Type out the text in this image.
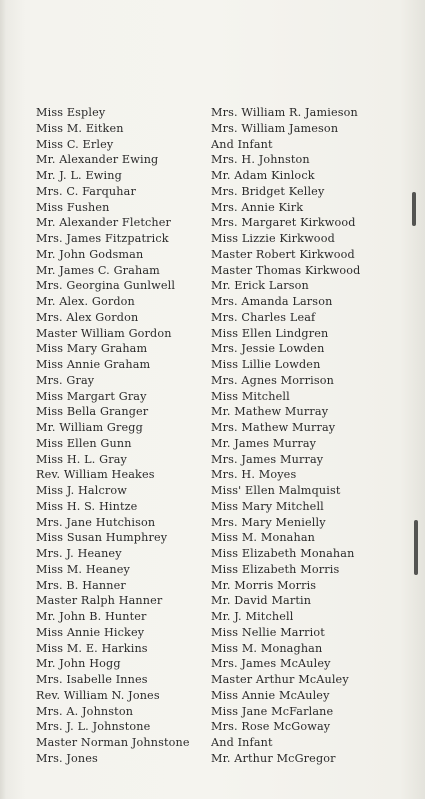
Miss Espley
Miss M. Eitken
Miss C. Erley
Mr. Alexander Ewing
Mr. J. L. Ewing
Mrs. C. Farquhar
Miss Fushen
Mr. Alexander Fletcher
Mrs. James Fitzpatrick
Mr. John Godsman
Mr. James C. Graham
Mrs. Georgina Gunlwell
Mr. Alex. Gordon
Mrs. Alex Gordon
Master William Gordon
Miss Mary Graham
Miss Annie Graham
Mrs. Gray
Miss Margart Gray
Miss Bella Granger
Mr. William Gregg
Miss Ellen Gunn
Miss H. L. Gray
Rev. William Heakes
Miss J. Halcrow
Miss H. S. Hintze
Mrs. Jane Hutchison
Miss Susan Humphrey
Mrs. J. Heaney
Miss M. Heaney
Mrs. B. Hanner
Master Ralph Hanner
Mr. John B. Hunter
Miss Annie Hickey
Miss M. E. Harkins
Mr. John Hogg
Mrs. Isabelle Innes
Rev. William N. Jones
Mrs. A. Johnston
Mrs. J. L. Johnstone
Master Norman Johnstone
Mrs. Jones
Mrs. William R. Jamieson
Mrs. William Jameson
And Infant
Mrs. H. Johnston
Mr. Adam Kinlock
Mrs. Bridget Kelley
Mrs. Annie Kirk
Mrs. Margaret Kirkwood
Miss Lizzie Kirkwood
Master Robert Kirkwood
Master Thomas Kirkwood
Mr. Erick Larson
Mrs. Amanda Larson
Mrs. Charles Leaf
Miss Ellen Lindgren
Mrs. Jessie Lowden
Miss Lillie Lowden
Mrs. Agnes Morrison
Miss Mitchell
Mr. Mathew Murray
Mrs. Mathew Murray
Mr. James Murray
Mrs. James Murray
Mrs. H. Moyes
Miss' Ellen Malmquist
Miss Mary Mitchell
Mrs. Mary Menielly
Miss M. Monahan
Miss Elizabeth Monahan
Miss Elizabeth Morris
Mr. Morris Morris
Mr. David Martin
Mr. J. Mitchell
Miss Nellie Marriot
Miss M. Monaghan
Mrs. James McAuley
Master Arthur McAuley
Miss Annie McAuley
Miss Jane McFarlane
Mrs. Rose McGoway
And Infant
Mr. Arthur McGregor
